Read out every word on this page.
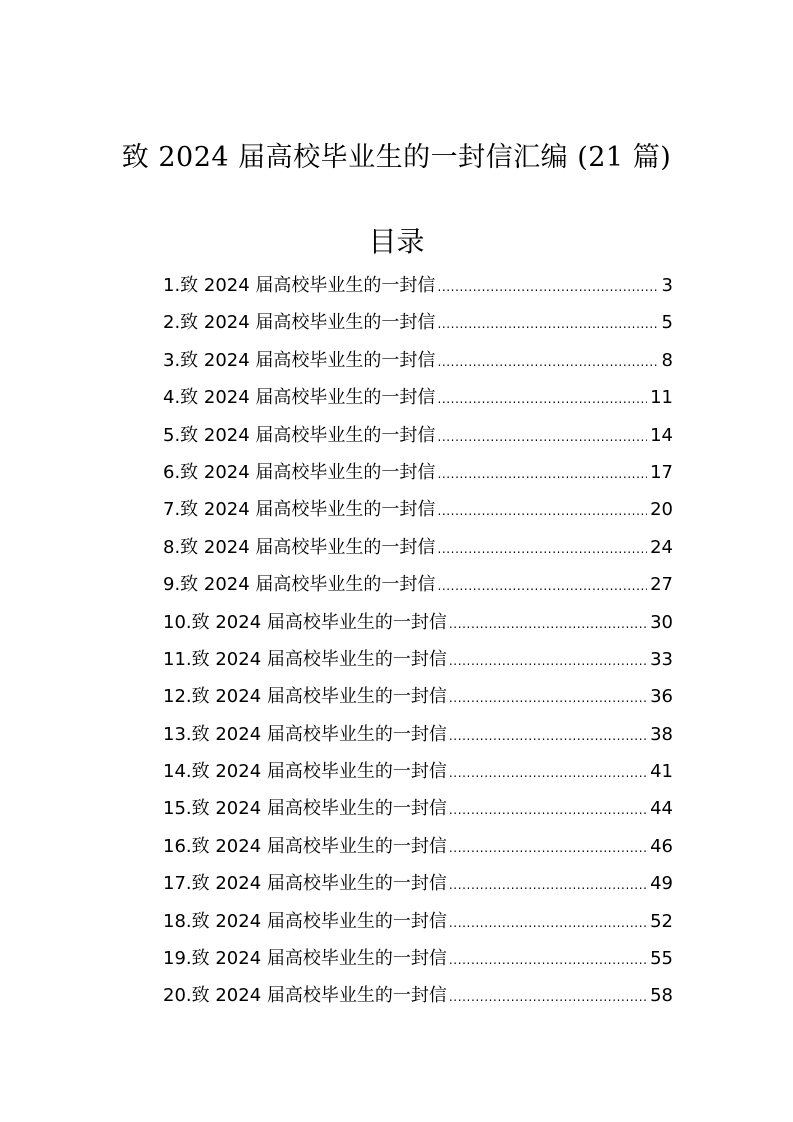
致 2024 届高校毕业生的一封信汇编 (21 篇)
目录
1.致 2024 届高校毕业生的一封信 .....	3
2.致 2024 届高校毕业生的一封信 .....	5
3.致 2024 届高校毕业生的一封信 .....	8
4.致 2024 届高校毕业生的一封信 .....	11
5.致 2024 届高校毕业生的一封信 .....	14
6.致 2024 届高校毕业生的一封信 .....	17
7.致 2024 届高校毕业生的一封信 .....	20
8.致 2024 届高校毕业生的一封信 .....	24
9.致 2024 届高校毕业生的一封信 .....	27
10.致 2024 届高校毕业生的一封信 .....	30
11.致 2024 届高校毕业生的一封信 .....	33
12.致 2024 届高校毕业生的一封信 .....	36
13.致 2024 届高校毕业生的一封信 .....	38
14.致 2024 届高校毕业生的一封信 .....	41
15.致 2024 届高校毕业生的一封信 .....	44
16.致 2024 届高校毕业生的一封信 .....	46
17.致 2024 届高校毕业生的一封信 .....	49
18.致 2024 届高校毕业生的一封信 .....	52
19.致 2024 届高校毕业生的一封信 .....	55
20.致 2024 届高校毕业生的一封信 .....	58
